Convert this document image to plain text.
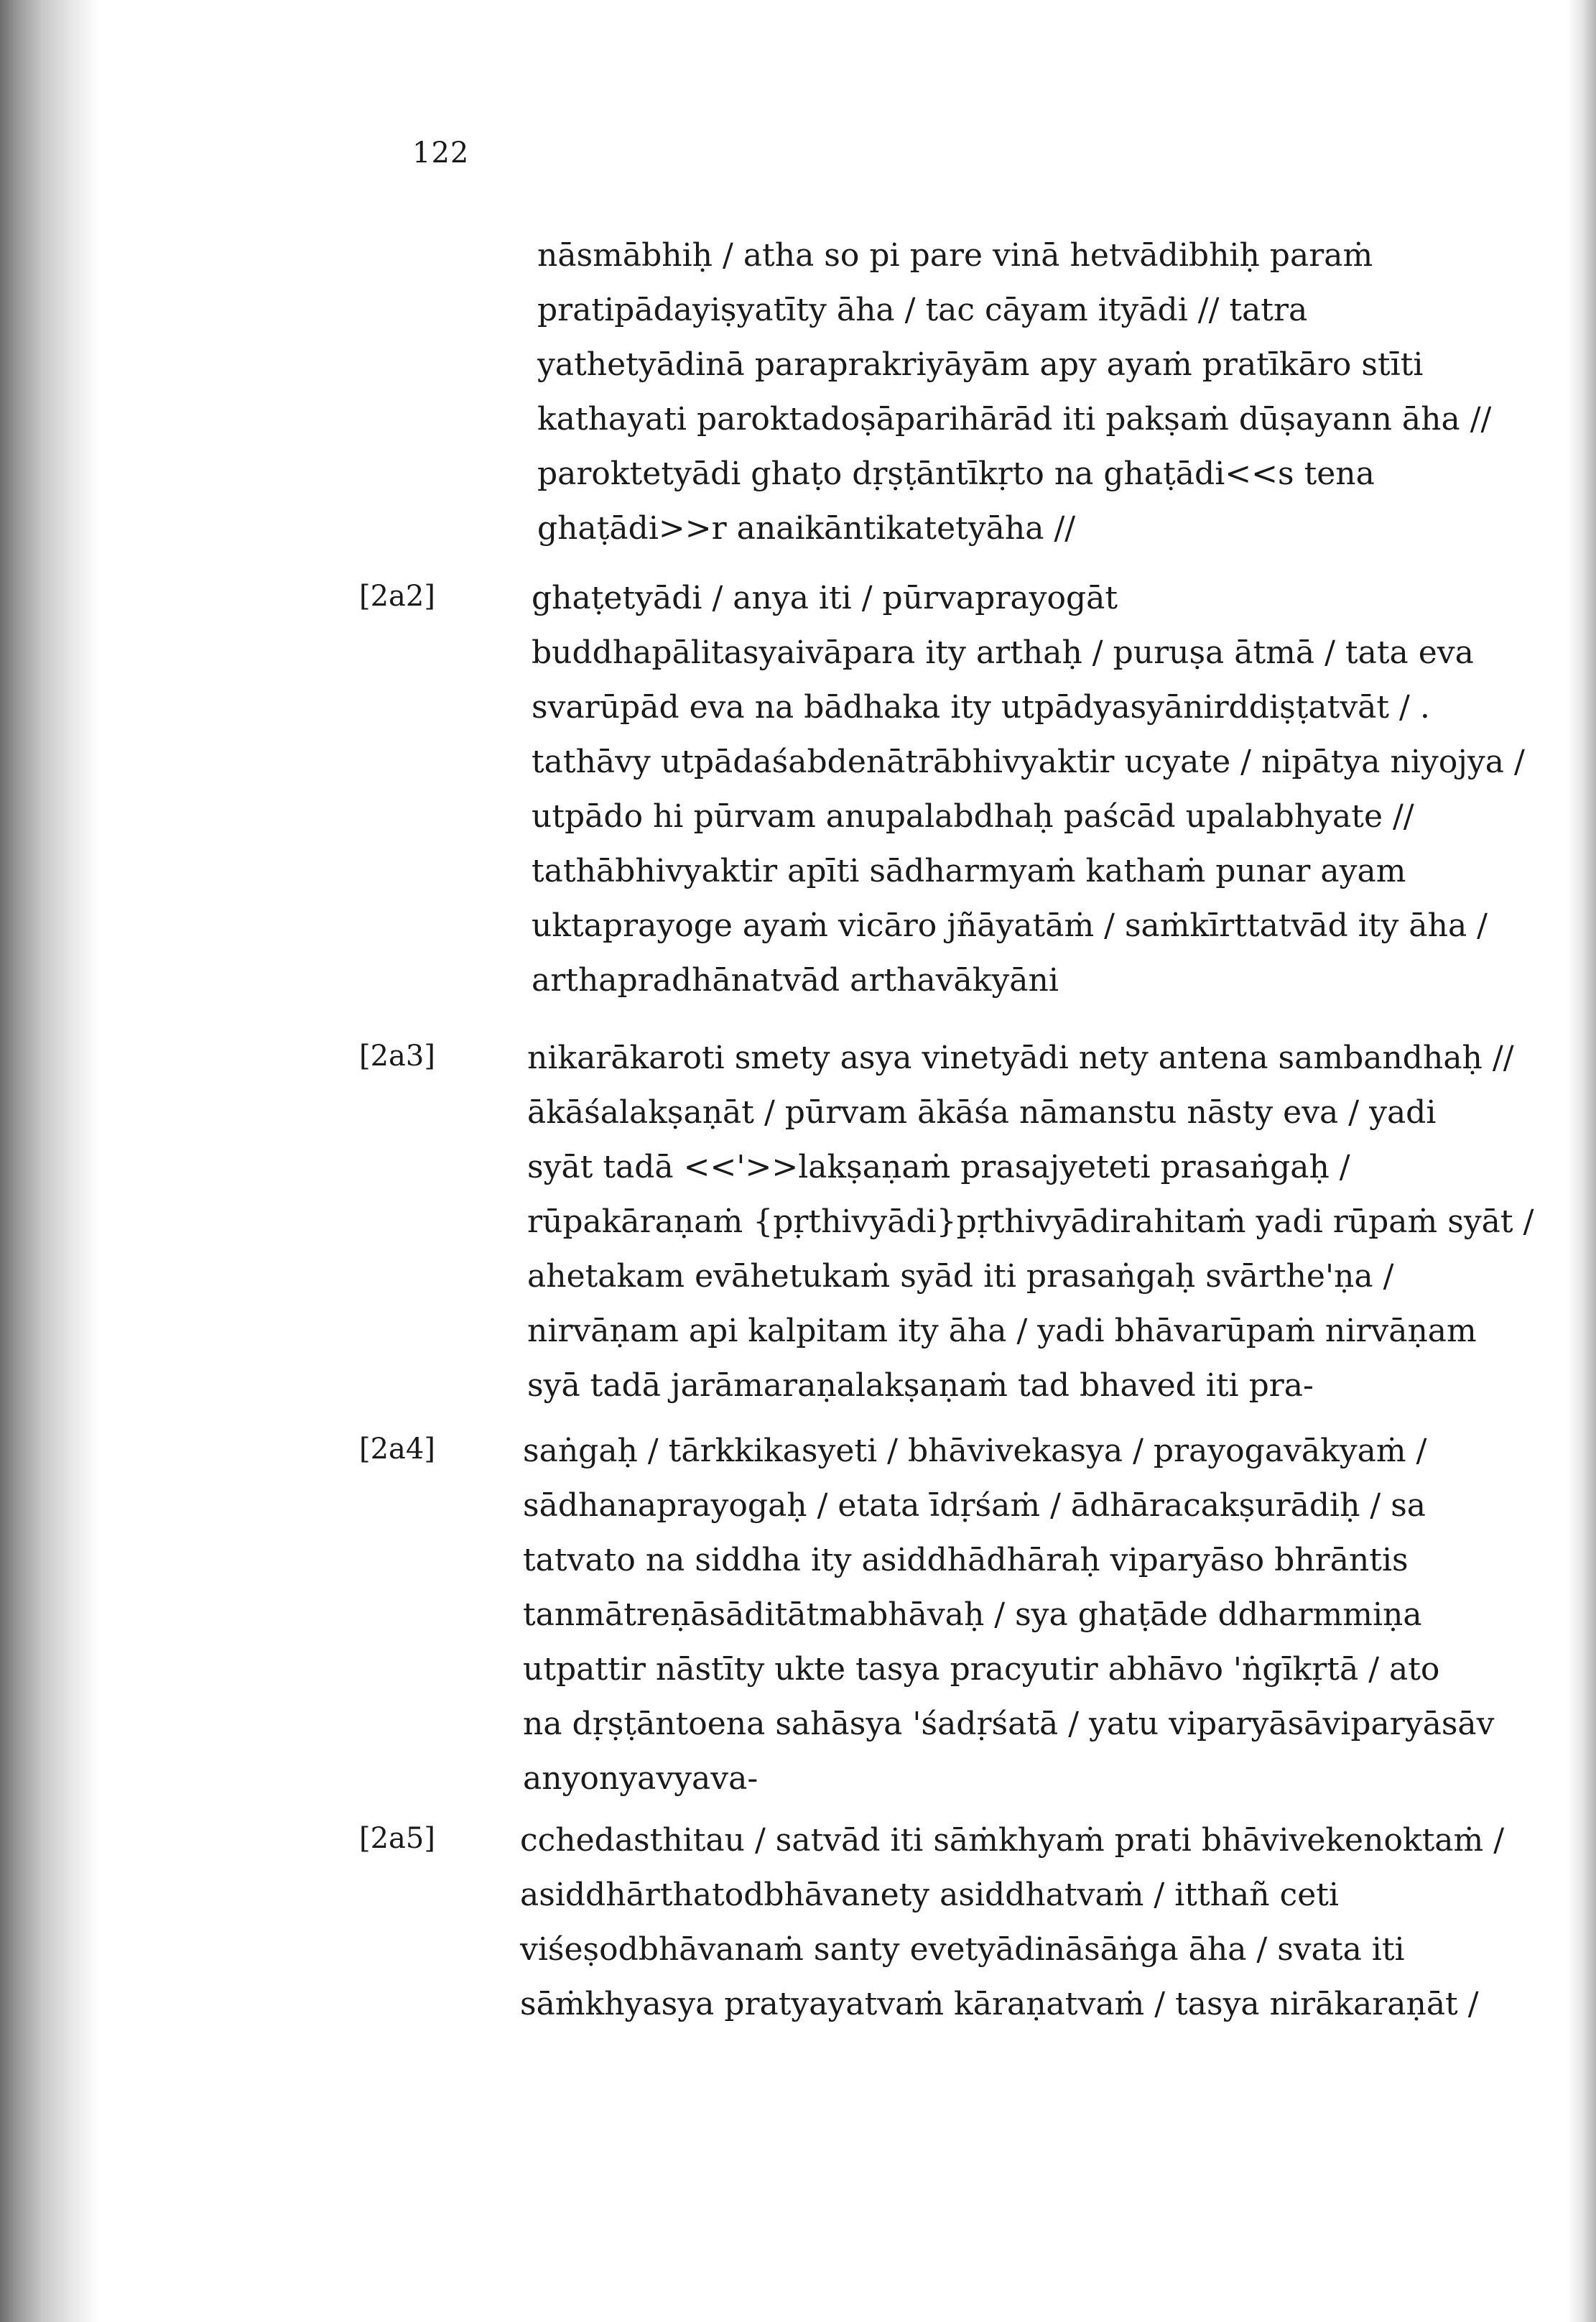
122
nāsmābhiḥ / atha so pi pare vinā hetvādibhiḥ paraṁ
pratipādayiṣyatīty āha / tac cāyam ityādi // tatra
yathetyādinā paraprakriyāyām apy ayaṁ pratīkāro stīti
kathayati paroktadoṣāparihārād iti pakṣaṁ dūṣayann āha //
paroktetyādi ghaṭo dṛṣṭāntīkṛto na ghaṭādi<<s tena
ghaṭādi>>r anaikāntikatetyāha //
[2a2]	ghaṭetyādi / anya iti / pūrvaprayogāt
buddhapālitasyaivāpara ity arthaḥ / puruṣa ātmā / tata eva
svarūpād eva na bādhaka ity utpādyasyānirddiṣṭatvāt / .
tathāvy utpādaśabdenātrābhivyaktir ucyate / nipātya niyojya /
utpādo hi pūrvam anupalabdhaḥ paścād upalabhyate //
tathābhivyaktir apīti sādharmyaṁ kathaṁ punar ayam
uktaprayoge ayaṁ vicāro jñāyatāṁ / saṁkīrttatvād ity āha /
arthapradhānatvād arthavākyāni
[2a3]	nikarākaroti smety asya vinetyādi nety antena sambandhaḥ //
ākāśalakṣaṇāt / pūrvam ākāśa nāmanstu nāsty eva / yadi
syāt tadā <<'>>lakṣaṇaṁ prasajyeteti prasaṅgaḥ /
rūpakāraṇaṁ {pṛthivyādi}pṛthivyādirahitaṁ yadi rūpaṁ syāt /
ahetakam evāhetukaṁ syād iti prasaṅgaḥ svārthe'ṇa /
nirvāṇam api kalpitam ity āha / yadi bhāvarūpaṁ nirvāṇam
syā tadā jarāmaraṇalakṣaṇaṁ tad bhaved iti pra-
[2a4]	saṅgaḥ / tārkkikasyeti / bhāvivekasya / prayogavākyaṁ /
sādhanaprayogaḥ / etata īdṛśaṁ / ādhāracakṣurādiḥ / sa
tatvato na siddha ity asiddhādhāraḥ viparyāso bhrāntis
tanmātreṇāsāditātmabhāvaḥ / sya ghaṭāde ddharmmiṇa
utpattir nāstīty ukte tasya pracyutir abhāvo 'ṅgīkṛtā / ato
na dṛṣṭāntoena sahāsya 'śadṛśatā / yatu viparyāsāviparyāsāv
anyonyavyava-
[2a5]	cchedasthitau / satvād iti sāṁkhyaṁ prati bhāvivekenoktaṁ /
asiddhārthatodbhāvanety asiddhatvaṁ / itthañ ceti
viśeṣodbhāvanaṁ santy evetyādināsāṅga āha / svata iti
sāṁkhyasya pratyayatvaṁ kāraṇatvaṁ / tasya nirākaraṇāt /
